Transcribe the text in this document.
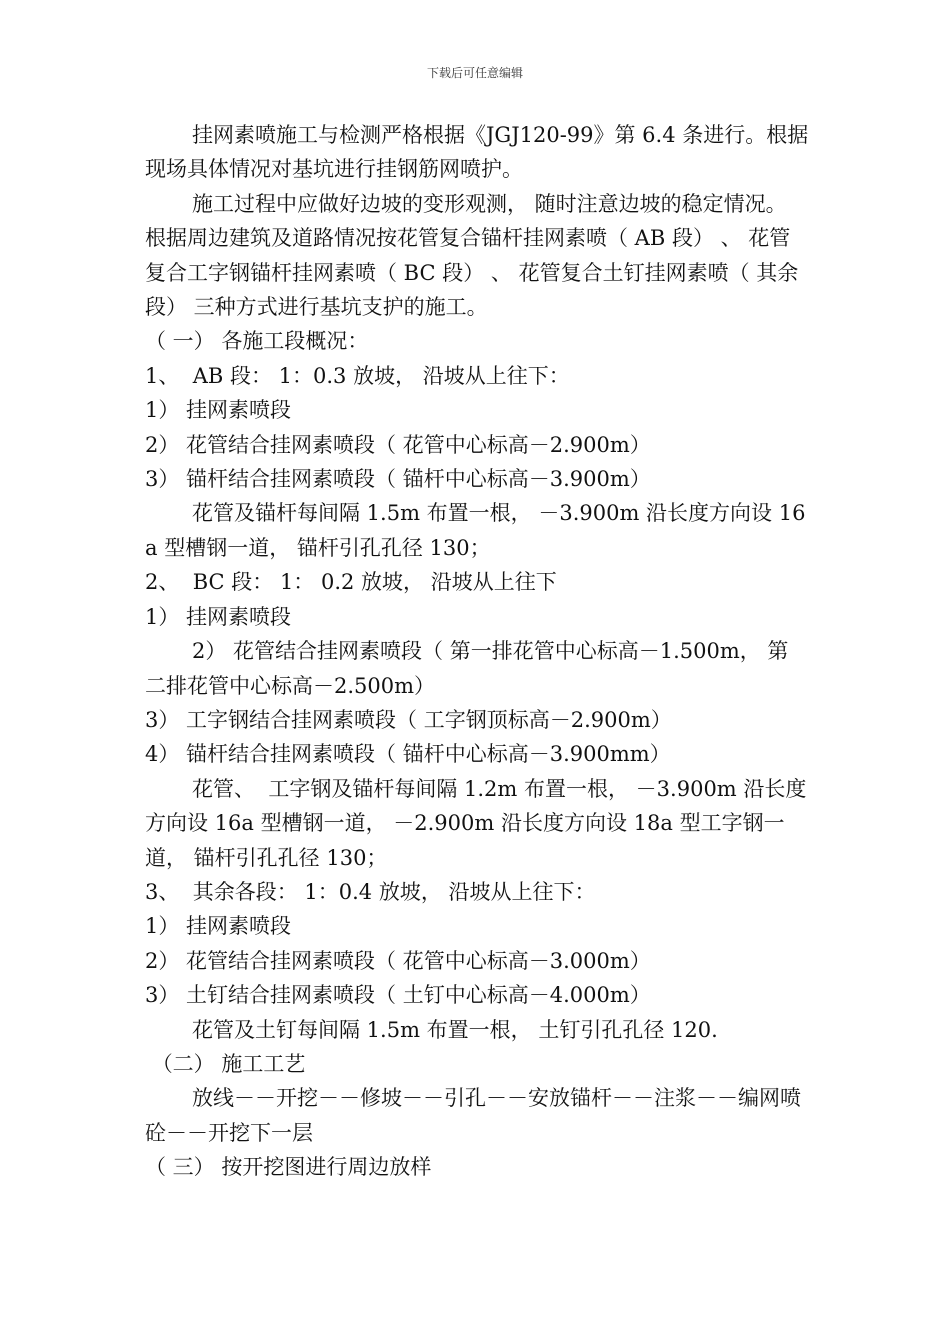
下载后可任意编辑

挂网素喷施工与检测严格根据《JGJ120-99》第 6.4 条进行。根据现场具体情况对基坑进行挂钢筋网喷护。

施工过程中应做好边坡的变形观测， 随时注意边坡的稳定情况。

根据周边建筑及道路情况按花管复合锚杆挂网素喷（ AB 段） 、 花管复合工字钢锚杆挂网素喷（ BC 段） 、 花管复合土钉挂网素喷（ 其余段） 三种方式进行基坑支护的施工。

（ 一） 各施工段概况：

1、  AB 段： 1：0.3 放坡， 沿坡从上往下：

1） 挂网素喷段

2） 花管结合挂网素喷段（ 花管中心标高－2.900m）

3） 锚杆结合挂网素喷段（ 锚杆中心标高－3.900m）

花管及锚杆每间隔 1.5m 布置一根， －3.900m 沿长度方向设 16a 型槽钢一道， 锚杆引孔孔径 130；

2、  BC 段： 1： 0.2 放坡， 沿坡从上往下

1） 挂网素喷段

2） 花管结合挂网素喷段（ 第一排花管中心标高－1.500m， 第二排花管中心标高－2.500m）

3） 工字钢结合挂网素喷段（ 工字钢顶标高－2.900m）

4） 锚杆结合挂网素喷段（ 锚杆中心标高－3.900mm）

花管、  工字钢及锚杆每间隔 1.2m 布置一根， －3.900m 沿长度方向设 16a 型槽钢一道， －2.900m 沿长度方向设 18a 型工字钢一道， 锚杆引孔孔径 130；

3、  其余各段： 1：0.4 放坡， 沿坡从上往下：

1） 挂网素喷段

2） 花管结合挂网素喷段（ 花管中心标高－3.000m）

3） 土钉结合挂网素喷段（ 土钉中心标高－4.000m）

花管及土钉每间隔 1.5m 布置一根， 土钉引孔孔径 120.

（二） 施工工艺

放线－－开挖－－修坡－－引孔－－安放锚杆－－注浆－－编网喷砼－－开挖下一层

（ 三） 按开挖图进行周边放样
